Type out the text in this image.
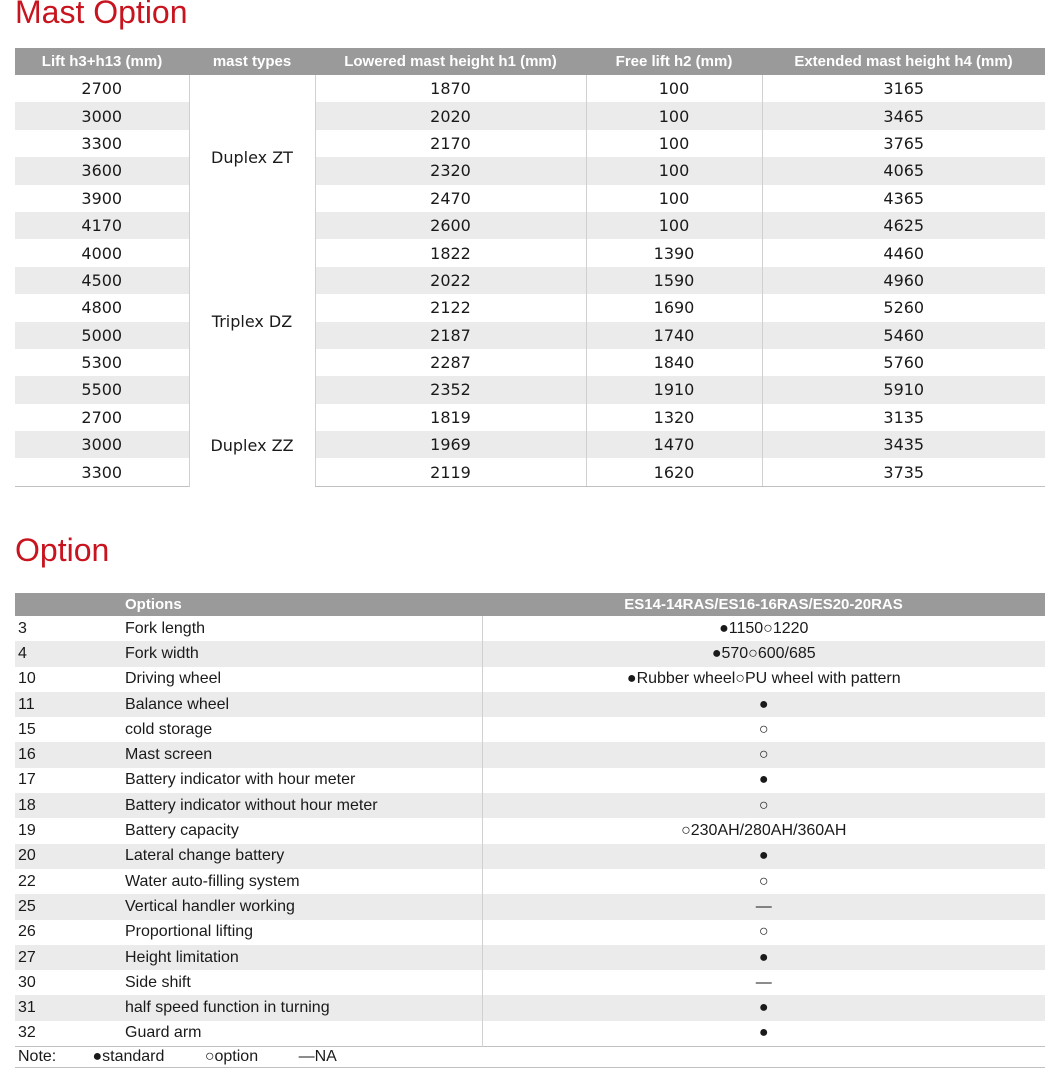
Mast Option
Lift h3+h13 (mm)	mast types	Lowered mast height h1 (mm)	Free lift h2 (mm)	Extended mast height h4 (mm)
2700	Duplex ZT	1870	100	3165
3000		2020	100	3465
3300		2170	100	3765
3600		2320	100	4065
3900		2470	100	4365
4170		2600	100	4625
4000	Triplex DZ	1822	1390	4460
4500		2022	1590	4960
4800		2122	1690	5260
5000		2187	1740	5460
5300		2287	1840	5760
5500		2352	1910	5910
2700	Duplex ZZ	1819	1320	3135
3000		1969	1470	3435
3300		2119	1620	3735
Option
	Options	ES14-14RAS/ES16-16RAS/ES20-20RAS
3	Fork length	●1150○1220
4	Fork width	●570○600/685
10	Driving wheel	●Rubber wheel○PU wheel with pattern
11	Balance wheel	●
15	cold storage	○
16	Mast screen	○
17	Battery indicator with hour meter	●
18	Battery indicator without hour meter	○
19	Battery capacity	○230AH/280AH/360AH
20	Lateral change battery	●
22	Water auto-filling system	○
25	Vertical handler working	—
26	Proportional lifting	○
27	Height limitation	●
30	Side shift	—
31	half speed function in turning	●
32	Guard arm	●
Note: ●standard ○option —NA		
